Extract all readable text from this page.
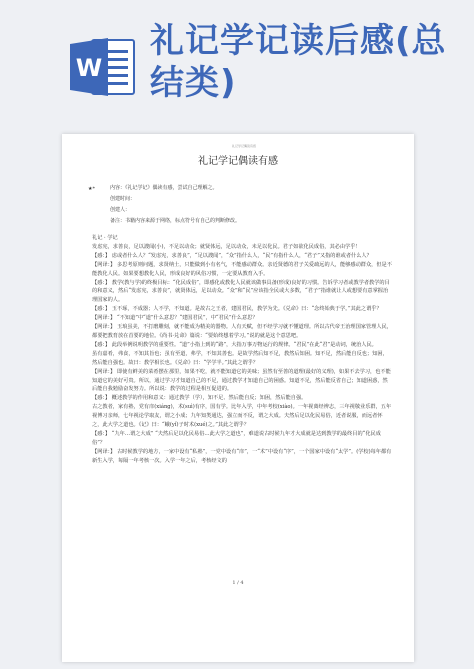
W
礼记学记读后感(总结类)
礼记学记偶读有感
礼记学记偶读有感
★*	内容：《礼记学记》偶读有感，尝试自己理解之。
创建时间：
创建人：
备注：书籍内容来源于网络，标点符号有自己的判断修改。

礼记 · 学记

发虑宪，求善良，足以謏闻(小)，不足以动众；就贤体远，足以动众，未足以化民。君子如欲化民成俗，其必由学乎！

【感：】 虑或者什么人？“发虑宪，求善良”，“足以謏闻”，“众”指什么人，“民”有指什么人，“君子”又指的谁或者什么人？

【网译：】 多思考原则问题，求贤纳士，只能做到小有名气，不能感动群众。亲近贤德的君子关爱疏远的人，能够感动群众，但是不能教化人民。如果要想教化人民，形成良好的风俗习惯，一定要从教育入手。

【感：】 教学(教与学)的终极目标：“化民成俗”，即感化或教化人民就该做事具备(形成)良好的习惯。告诉学习者或教学者教学的目的和意义，然后“发虑宪，求善良”，就贤体远，足以动众。“众”和“民”应该指全民或大多数，“君子”指谁就让人或想要有意掌握治理国家的人。

【感：】 玉不琢，不成器；人不学，不知道。是故古之王者，建国君民，教学为先。《兑命》曰：“念终始典于学。”其此之谓乎？

【网译：】 “不知道”中“道”什么意思？“建国君民”，中“君民”什么意思？

【网译：】 玉琅虽美，不打磨雕刻，就不能成为精美的器物。人有天赋，但不经学习就不懂道理。所以古代帝王治理国家管理人民，都要把教育放在首要的地位。《尚书·兑命》篇说：“要始终想着学习。”说的就是这个意思吧。

【感：】 此段举例说明教学的重要性。“道”小指上到的“路”，大指万事万物运行的规律。“君民”在此“君”是动词，统治人民。

虽有嘉肴，弗食，不知其旨也；虽有至道，弗学，不知其善也。是故学然后知不足，教然后知困。知不足，然后能自反也；知困，然后能自强也。故曰：教学相长也。《兑命》曰：“学学半。”其此之谓乎？

【网译：】 即使有鲜美的菜肴摆在那里，如果不吃，就不能知道它的美味；虽然有至善的道理(最好的义理)，如果不去学习，也不能知道它的美好可贵。所以，通过学习才知道自己的不足，通过教学才知道自己的困惑。知道不足，然后能反省自己；知道困惑，然后能自我勉励奋发努力。所以说：教学的过程是相互促进的。

【感：】 概述教学的作用和意义：通过教学（学），知不足、然后能自反；知困，然后能自强。

古之教者，家有塾，党有庠(xiáng)，术(suì)有序，国有学。比年入学，中年考校(xiào)。一年视离经辨志，三年视敬业乐群，五年视博习亲师，七年视论学取友，谓之小成；九年知类通达，强立而不反，谓之大成。夫然后足以化民易俗，近者说服，而远者怀之，此大学之道也。《记》曰：“蛾(yǐ)子时术(xué)之。”其此之谓乎？

【感：】 “九年…谓之大成” “夫然后足以化民易俗…此大学之道也”，难道说古时候九年才大成就是达到教学的最终目的“化民成俗”？

【网译：】 古时候教学的地方，一家中设有“私塾”，一党中设有“庠”，一“术”中设有“序”，一个国家中设有“太学”。(学校)每年都有新生入学，每隔一年考核一次。入学一年之后，考核经文的

1 / 4
